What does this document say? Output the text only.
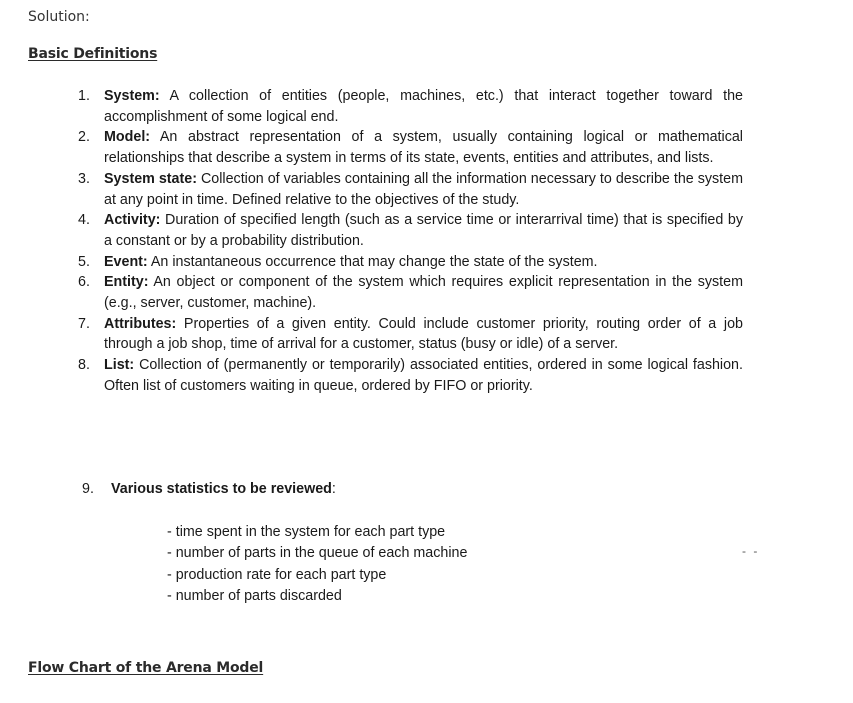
Solution:
Basic Definitions
1. System: A collection of entities (people, machines, etc.) that interact together toward the accomplishment of some logical end.
2. Model: An abstract representation of a system, usually containing logical or mathematical relationships that describe a system in terms of its state, events, entities and attributes, and lists.
3. System state: Collection of variables containing all the information necessary to describe the system at any point in time. Defined relative to the objectives of the study.
4. Activity: Duration of specified length (such as a service time or interarrival time) that is specified by a constant or by a probability distribution.
5. Event: An instantaneous occurrence that may change the state of the system.
6. Entity: An object or component of the system which requires explicit representation in the system (e.g., server, customer, machine).
7. Attributes: Properties of a given entity. Could include customer priority, routing order of a job through a job shop, time of arrival for a customer, status (busy or idle) of a server.
8. List: Collection of (permanently or temporarily) associated entities, ordered in some logical fashion. Often list of customers waiting in queue, ordered by FIFO or priority.
9. Various statistics to be reviewed:
- time spent in the system for each part type
- number of parts in the queue of each machine
- production rate for each part type
- number of parts discarded
- -
Flow Chart of the Arena Model
